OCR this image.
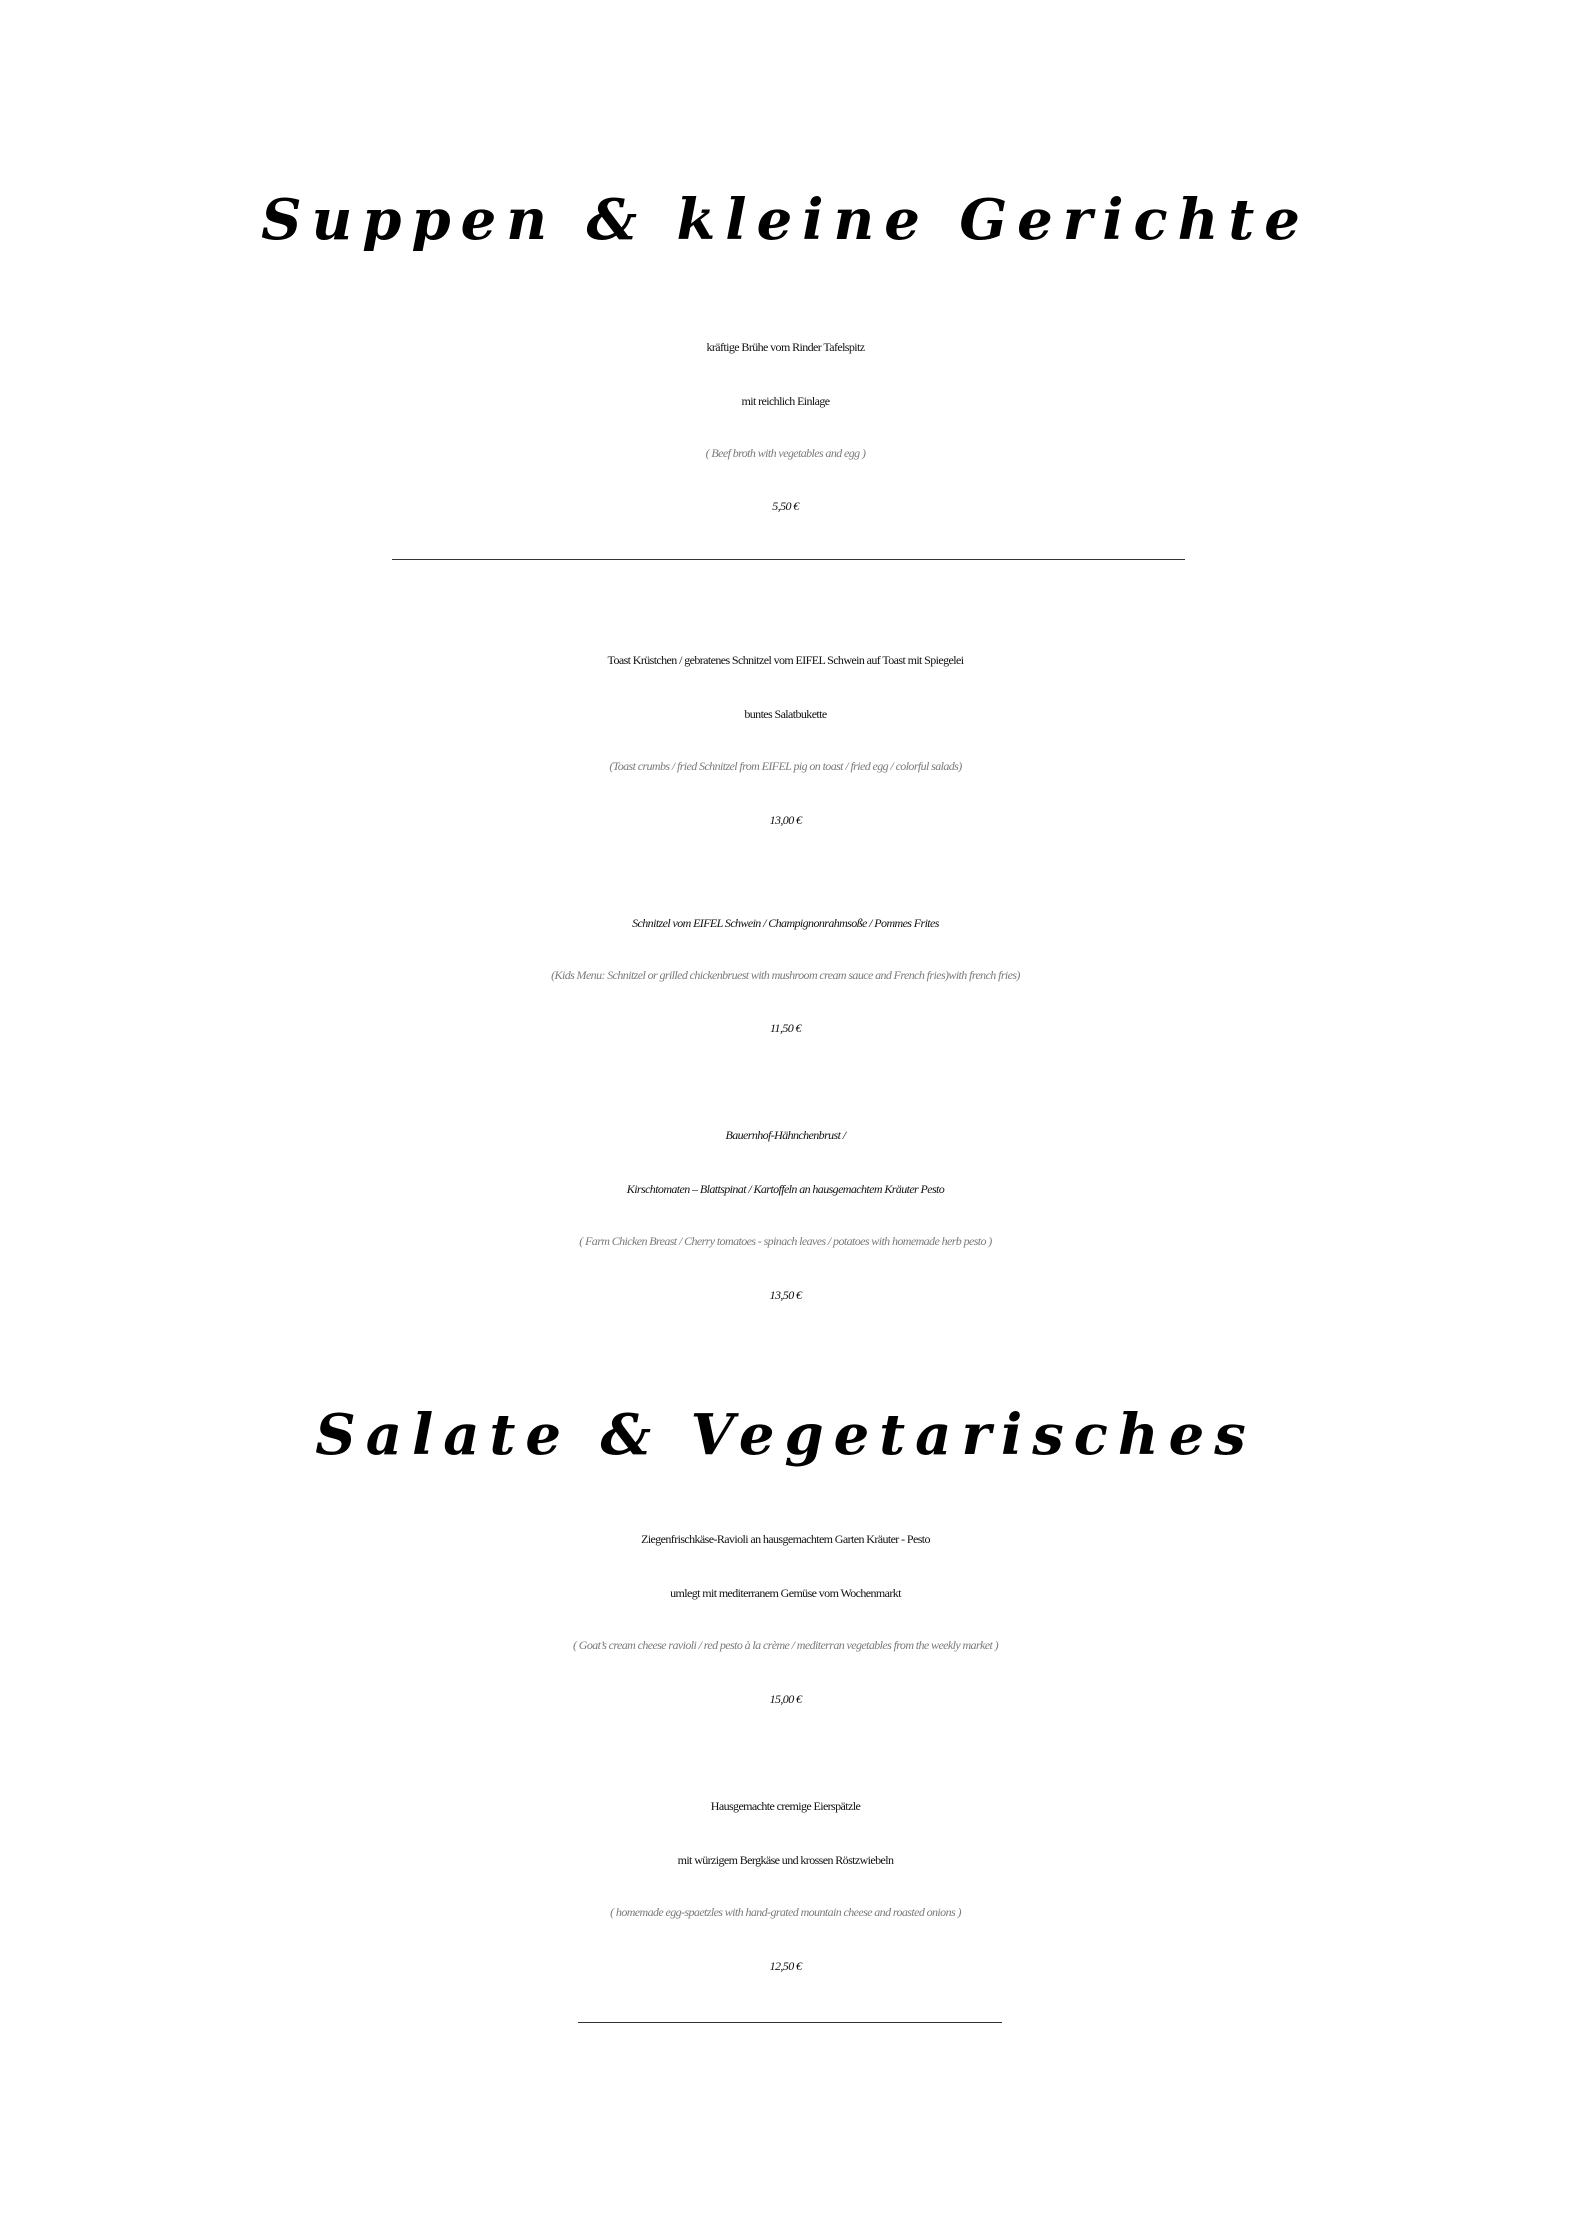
Suppen & kleine Gerichte
kräftige Brühe vom Rinder Tafelspitz
mit reichlich Einlage
( Beef broth with vegetables and egg )
5,50 €
Toast Krüstchen / gebratenes Schnitzel vom EIFEL Schwein auf Toast mit Spiegelei
buntes Salatbukette
(Toast crumbs / fried Schnitzel from EIFEL pig on toast / fried egg / colorful salads)
13,00 €
Schnitzel vom EIFEL Schwein / Champignonrahmsoße / Pommes Frites
(Kids Menu: Schnitzel or grilled chickenbruest with mushroom cream sauce and French fries)with french fries)
11,50 €
Bauernhof-Hähnchenbrust /
Kirschtomaten – Blattspinat / Kartoffeln an hausgemachtem Kräuter Pesto
( Farm Chicken Breast / Cherry tomatoes - spinach leaves / potatoes with homemade herb pesto )
13,50 €
Salate & Vegetarisches
Ziegenfrischkäse-Ravioli an hausgemachtem Garten Kräuter - Pesto
umlegt mit mediterranem Gemüse vom Wochenmarkt
( Goat’s cream cheese ravioli / red pesto à la crème / mediterran vegetables from the weekly market )
15,00 €
Hausgemachte cremige Eierspätzle
mit würzigem Bergkäse und krossen Röstzwiebeln
( homemade egg-spaetzles with hand-grated mountain cheese and roasted onions )
12,50 €
